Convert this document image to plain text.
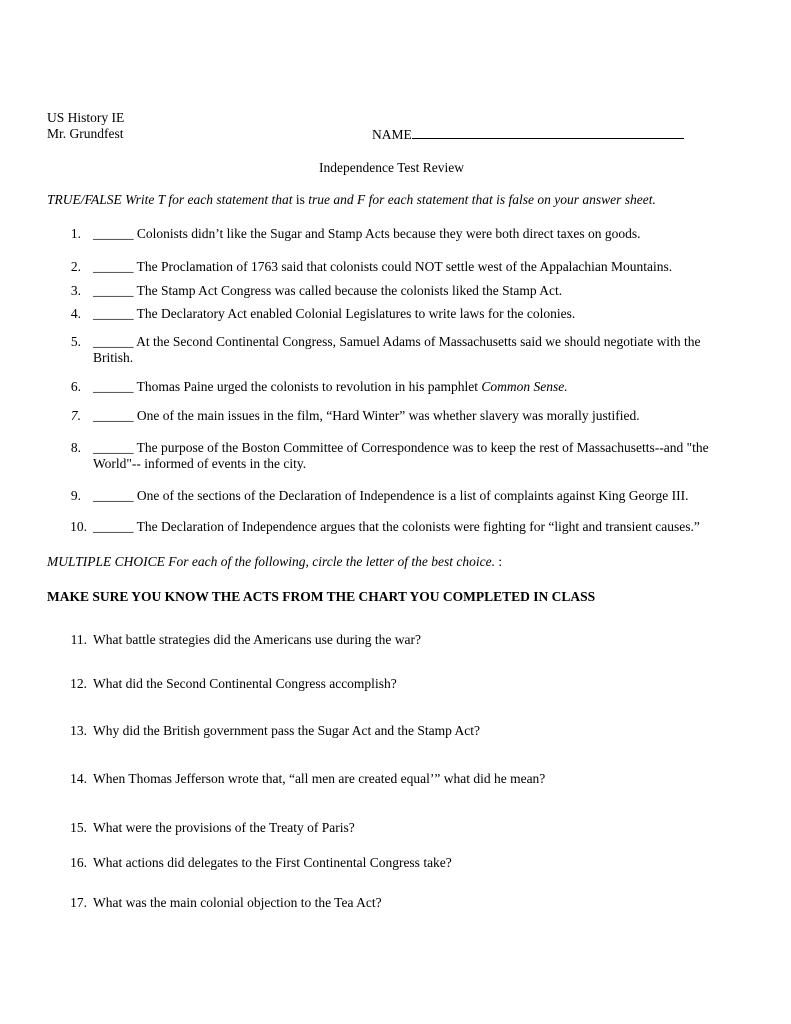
US History IE
Mr. Grundfest	NAME
Independence Test Review
TRUE/FALSE Write T for each statement that is true and F for each statement that is false on your answer sheet.
1. ______ Colonists didn’t like the Sugar and Stamp Acts because they were both direct taxes on goods.
2. ______ The Proclamation of 1763 said that colonists could NOT settle west of the Appalachian Mountains.
3. ______ The Stamp Act Congress was called because the colonists liked the Stamp Act.
4. ______ The Declaratory Act enabled Colonial Legislatures to write laws for the colonies.
5. ______ At the Second Continental Congress, Samuel Adams of Massachusetts said we should negotiate with the
British.
6. ______ Thomas Paine urged the colonists to revolution in his pamphlet Common Sense.
7. ______ One of the main issues in the film, “Hard Winter” was whether slavery was morally justified.
8. ______ The purpose of the Boston Committee of Correspondence was to keep the rest of Massachusetts--and "the
World"-- informed of events in the city.
9. ______ One of the sections of the Declaration of Independence is a list of complaints against King George III.
10. ______ The Declaration of Independence argues that the colonists were fighting for “light and transient causes.”
MULTIPLE CHOICE For each of the following, circle the letter of the best choice. :
MAKE SURE YOU KNOW THE ACTS FROM THE CHART YOU COMPLETED IN CLASS
11. What battle strategies did the Americans use during the war?
12. What did the Second Continental Congress accomplish?
13. Why did the British government pass the Sugar Act and the Stamp Act?
14. When Thomas Jefferson wrote that, “all men are created equal’” what did he mean?
15. What were the provisions of the Treaty of Paris?
16. What actions did delegates to the First Continental Congress take?
17. What was the main colonial objection to the Tea Act?
